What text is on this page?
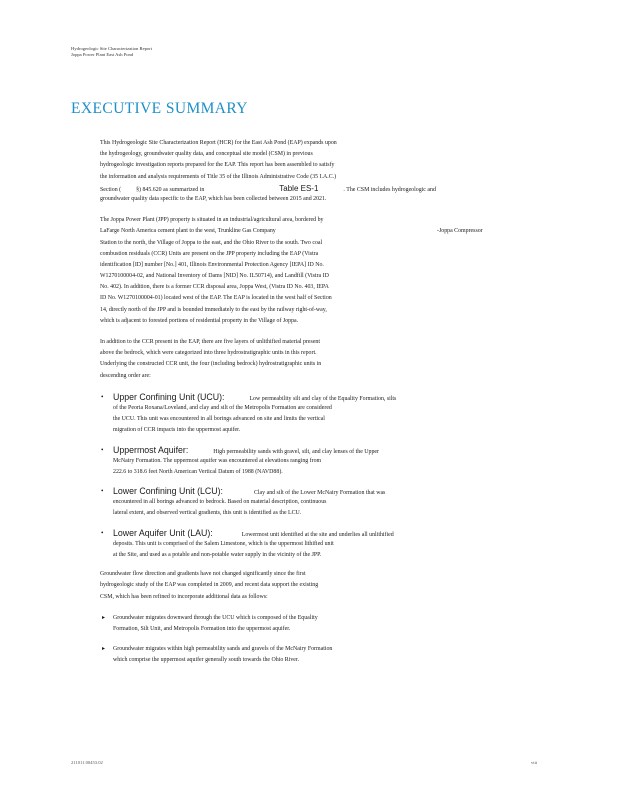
Hydrogeologic Site Characterization Report
Joppa Power Plant East Ash Pond
EXECUTIVE SUMMARY
This Hydrogeologic Site Characterization Report (HCR) for the East Ash Pond (EAP) expands upon
the hydrogeology, groundwater quality data, and conceptual site model (CSM) in previous
hydrogeologic investigation reports prepared for the EAP. This report has been assembled to satisfy
the information and analysis requirements of Title 35 of the Illinois Administrative Code (35 I.A.C.)
Section (	§) 845.620 as summarized in	Table ES-1	. The CSM includes hydrogeologic and
groundwater quality data specific to the EAP, which has been collected between 2015 and 2021.
The Joppa Power Plant (JPP) property is situated in an industrial/agricultural area, bordered by
LaFarge North America cement plant to the west, Trunkline Gas Company	-Joppa Compressor
Station to the north, the Village of Joppa to the east, and the Ohio River to the south. Two coal
combustion residuals (CCR) Units are present on the JPP property including the EAP (Vistra
identification [ID] number [No.] 401, Illinois Environmental Protection Agency [IEPA] ID No.
W1270100004-02, and National Inventory of Dams [NID] No. IL50714), and Landfill (Vistra ID
No. 402). In addition, there is a former CCR disposal area, Joppa West, (Vistra ID No. 403, IEPA
ID No. W1270100004-01) located west of the EAP. The EAP is located in the west half of Section
14, directly north of the JPP and is bounded immediately to the east by the railway right-of-way,
which is adjacent to forested portions of residential property in the Village of Joppa.
In addition to the CCR present in the EAP, there are five layers of unlithified material present
above the bedrock, which were categorized into three hydrostratigraphic units in this report.
Underlying the constructed CCR unit, the four (including bedrock) hydrostratigraphic units in
descending order are:
• Upper Confining Unit (UCU):	Low permeability silt and clay of the Equality Formation, silts
of the Peoria Roxana/Loveland, and clay and silt of the Metropolis Formation are considered
the UCU. This unit was encountered in all borings advanced on site and limits the vertical
migration of CCR impacts into the uppermost aquifer.
• Uppermost Aquifer:	High permeability sands with gravel, silt, and clay lenses of the Upper
McNairy Formation. The uppermost aquifer was encountered at elevations ranging from
222.6 to 318.6 feet North American Vertical Datum of 1988 (NAVD88).
• Lower Confining Unit (LCU):	Clay and silt of the Lower McNairy Formation that was
encountered in all borings advanced to bedrock. Based on material description, continuous
lateral extent, and observed vertical gradients, this unit is identified as the LCU.
• Lower Aquifer Unit (LAU):	Lowermost unit identified at the site and underlies all unlithified
deposits. This unit is comprised of the Salem Limestone, which is the uppermost lithified unit
at the Site, and used as a potable and non-potable water supply in the vicinity of the JPP.
Groundwater flow direction and gradients have not changed significantly since the first
hydrogeologic study of the EAP was completed in 2009, and recent data support the existing
CSM, which has been refined to incorporate additional data as follows:
▸ Groundwater migrates downward through the UCU which is composed of the Equality
Formation, Silt Unit, and Metropolis Formation into the uppermost aquifer.
▸ Groundwater migrates within high permeability sands and gravels of the McNairy Formation
which comprise the uppermost aquifer generally south towards the Ohio River.
211011.00453.02	viii
